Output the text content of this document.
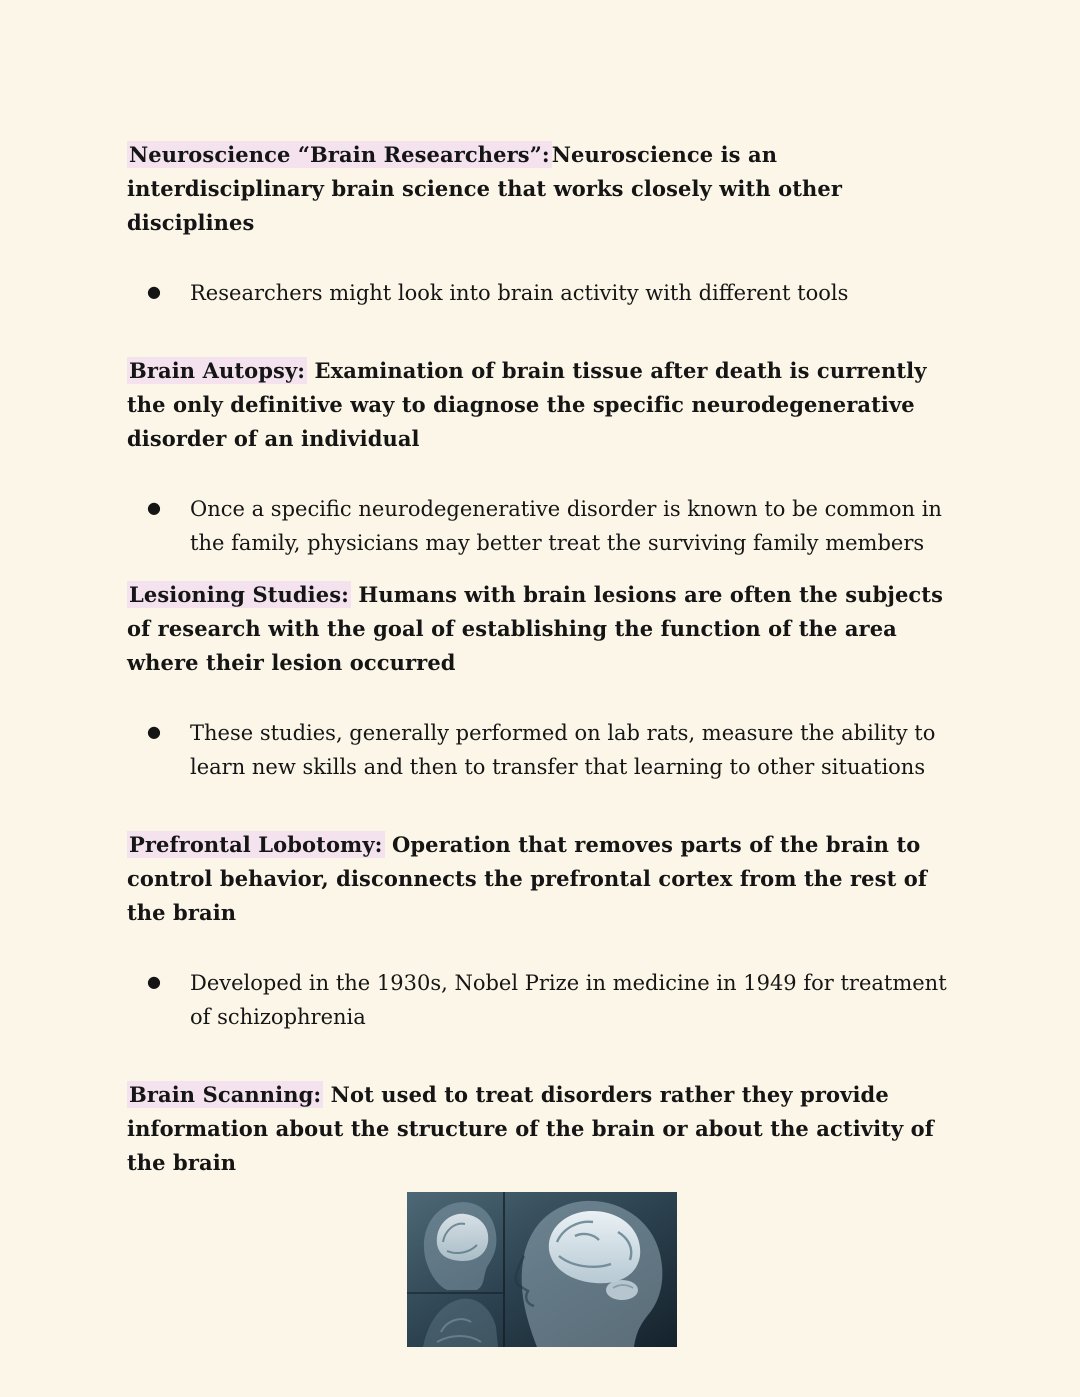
Neuroscience “Brain Researchers”:Neuroscience is an interdisciplinary brain science that works closely with other disciplines

● Researchers might look into brain activity with different tools

Brain Autopsy: Examination of brain tissue after death is currently the only definitive way to diagnose the specific neurodegenerative disorder of an individual

● Once a specific neurodegenerative disorder is known to be common in the family, physicians may better treat the surviving family members

Lesioning Studies: Humans with brain lesions are often the subjects of research with the goal of establishing the function of the area where their lesion occurred

● These studies, generally performed on lab rats, measure the ability to learn new skills and then to transfer that learning to other situations

Prefrontal Lobotomy: Operation that removes parts of the brain to control behavior, disconnects the prefrontal cortex from the rest of the brain

● Developed in the 1930s, Nobel Prize in medicine in 1949 for treatment of schizophrenia

Brain Scanning: Not used to treat disorders rather they provide information about the structure of the brain or about the activity of the brain
